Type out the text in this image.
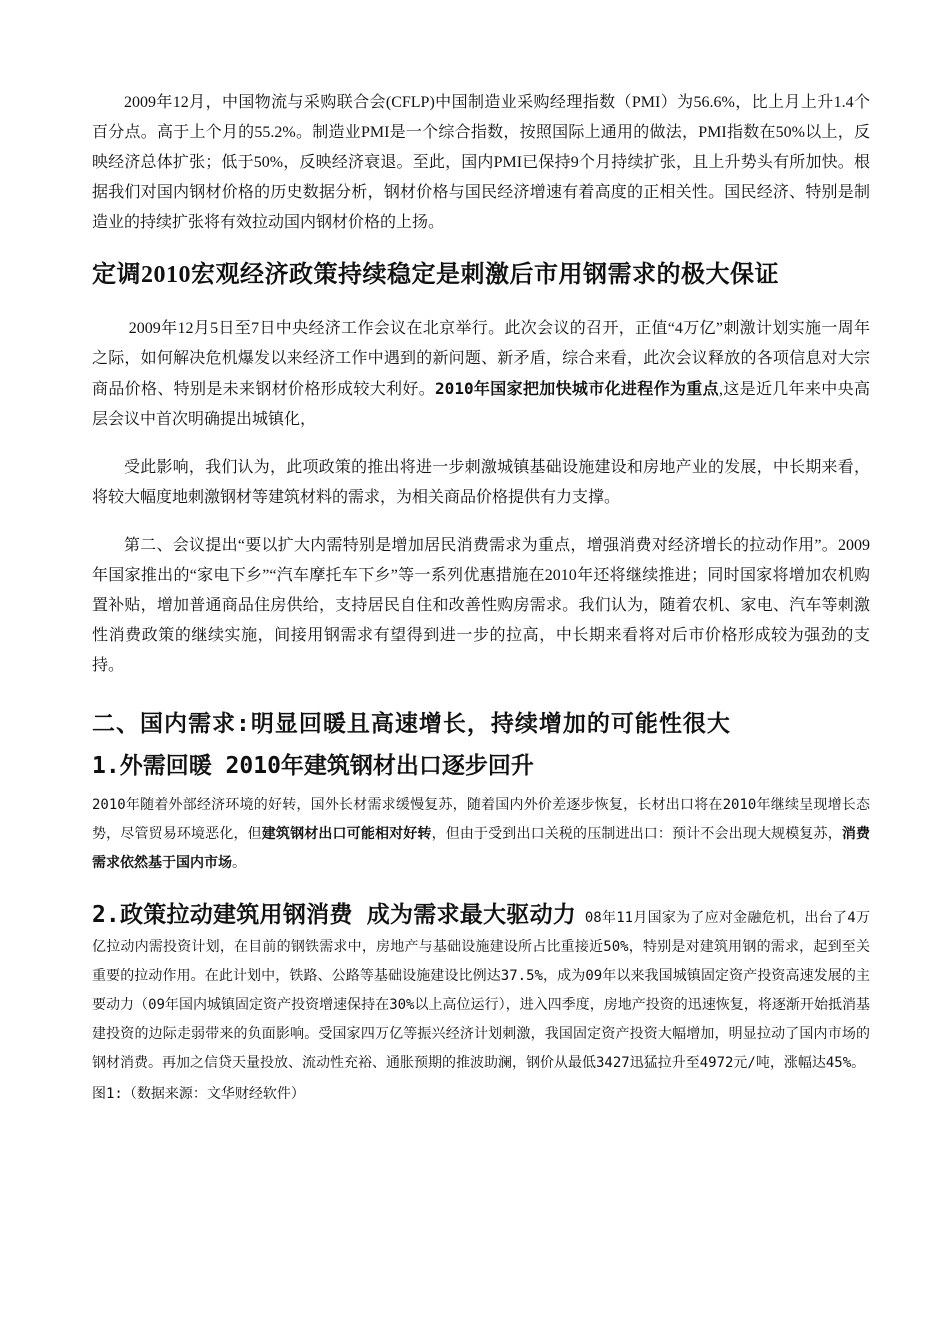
2009年12月，中国物流与采购联合会(CFLP)中国制造业采购经理指数（PMI）为56.6%，比上月上升1.4个百分点。高于上个月的55.2%。制造业PMI是一个综合指数，按照国际上通用的做法，PMI指数在50%以上，反映经济总体扩张；低于50%，反映经济衰退。至此，国内PMI已保持9个月持续扩张，且上升势头有所加快。根据我们对国内钢材价格的历史数据分析，钢材价格与国民经济增速有着高度的正相关性。国民经济、特别是制造业的持续扩张将有效拉动国内钢材价格的上扬。

定调2010宏观经济政策持续稳定是刺激后市用钢需求的极大保证

2009年12月5日至7日中央经济工作会议在北京举行。此次会议的召开，正值“4万亿”刺激计划实施一周年之际，如何解决危机爆发以来经济工作中遇到的新问题、新矛盾，综合来看，此次会议释放的各项信息对大宗商品价格、特别是未来钢材价格形成较大利好。2010年国家把加快城市化进程作为重点,这是近几年来中央高层会议中首次明确提出城镇化，

受此影响，我们认为，此项政策的推出将进一步刺激城镇基础设施建设和房地产业的发展，中长期来看，将较大幅度地刺激钢材等建筑材料的需求，为相关商品价格提供有力支撑。

第二、会议提出“要以扩大内需特别是增加居民消费需求为重点，增强消费对经济增长的拉动作用”。2009年国家推出的“家电下乡”“汽车摩托车下乡”等一系列优惠措施在2010年还将继续推进；同时国家将增加农机购置补贴，增加普通商品住房供给，支持居民自住和改善性购房需求。我们认为，随着农机、家电、汽车等刺激性消费政策的继续实施，间接用钢需求有望得到进一步的拉高，中长期来看将对后市价格形成较为强劲的支持。

二、国内需求:明显回暖且高速增长，持续增加的可能性很大
1.外需回暖 2010年建筑钢材出口逐步回升

2010年随着外部经济环境的好转，国外长材需求缓慢复苏，随着国内外价差逐步恢复，长材出口将在2010年继续呈现增长态势，尽管贸易环境恶化，但建筑钢材出口可能相对好转，但由于受到出口关税的压制进出口：预计不会出现大规模复苏，消费需求依然基于国内市场。

2.政策拉动建筑用钢消费 成为需求最大驱动力 08年11月国家为了应对金融危机，出台了4万亿拉动内需投资计划，在目前的钢铁需求中，房地产与基础设施建设所占比重接近50%，特别是对建筑用钢的需求，起到至关重要的拉动作用。在此计划中，铁路、公路等基础设施建设比例达37.5%，成为09年以来我国城镇固定资产投资高速发展的主要动力（09年国内城镇固定资产投资增速保持在30%以上高位运行），进入四季度，房地产投资的迅速恢复，将逐渐开始抵消基建投资的边际走弱带来的负面影响。受国家四万亿等振兴经济计划刺激，我国固定资产投资大幅增加，明显拉动了国内市场的钢材消费。再加之信贷天量投放、流动性充裕、通胀预期的推波助澜，钢价从最低3427迅猛拉升至4972元/吨，涨幅达45%。

图1:（数据来源：文华财经软件）
